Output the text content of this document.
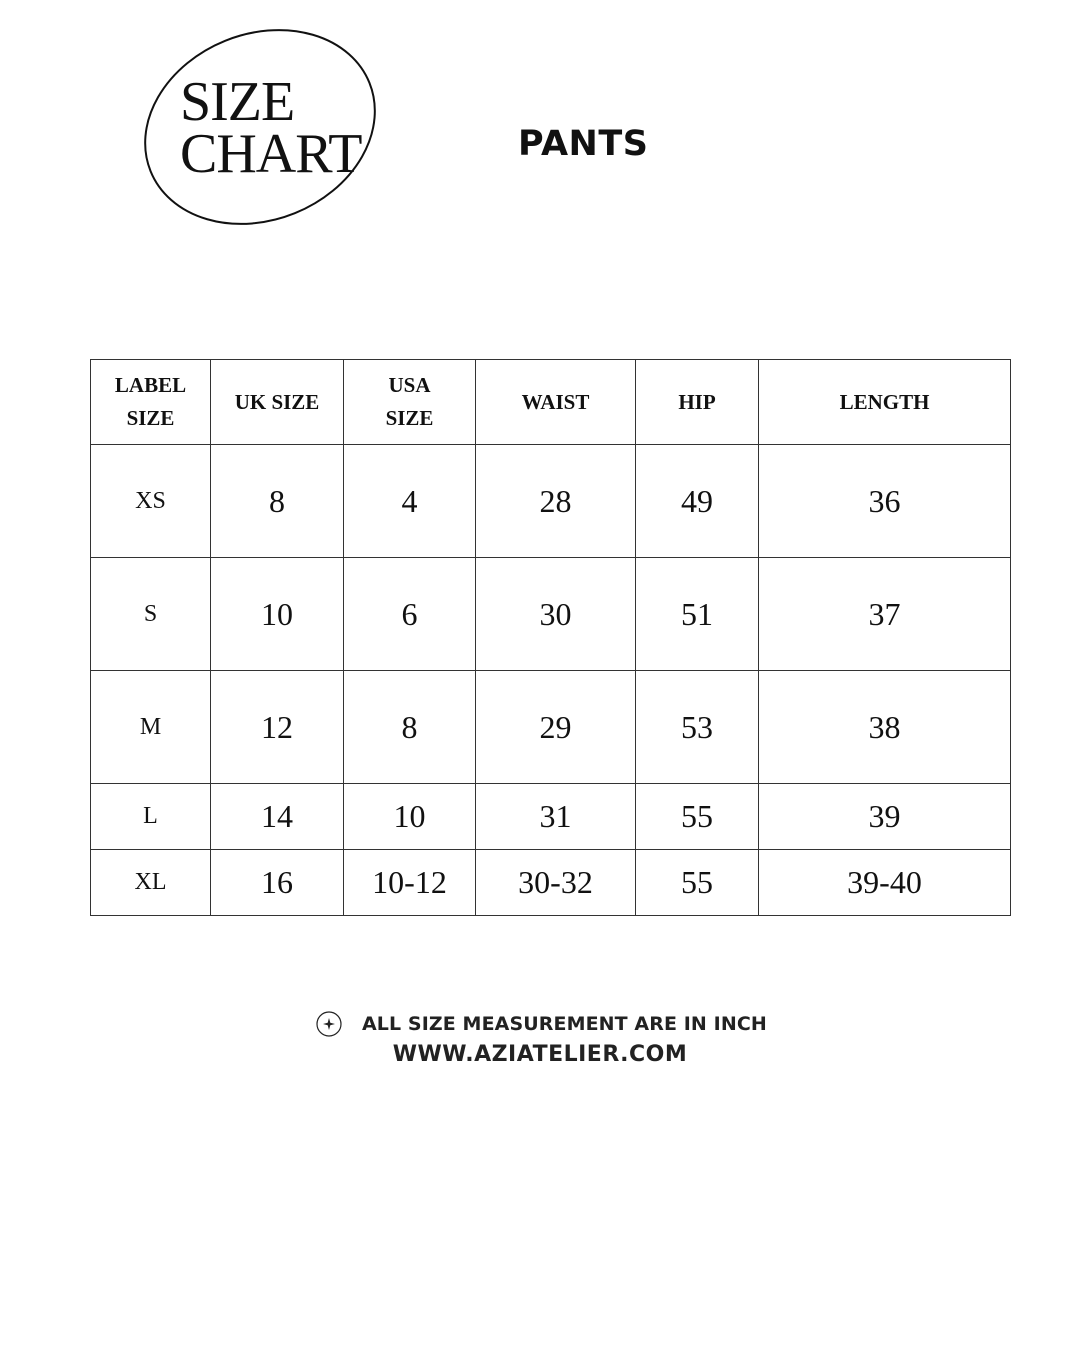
SIZE
CHART	PANTS
LABEL SIZE	UK SIZE	USA SIZE	WAIST	HIP	LENGTH
XS	8	4	28	49	36
S	10	6	30	51	37
M	12	8	29	53	38
L	14	10	31	55	39
XL	16	10-12	30-32	55	39-40
ALL SIZE MEASUREMENT ARE IN INCH
WWW.AZIATELIER.COM
